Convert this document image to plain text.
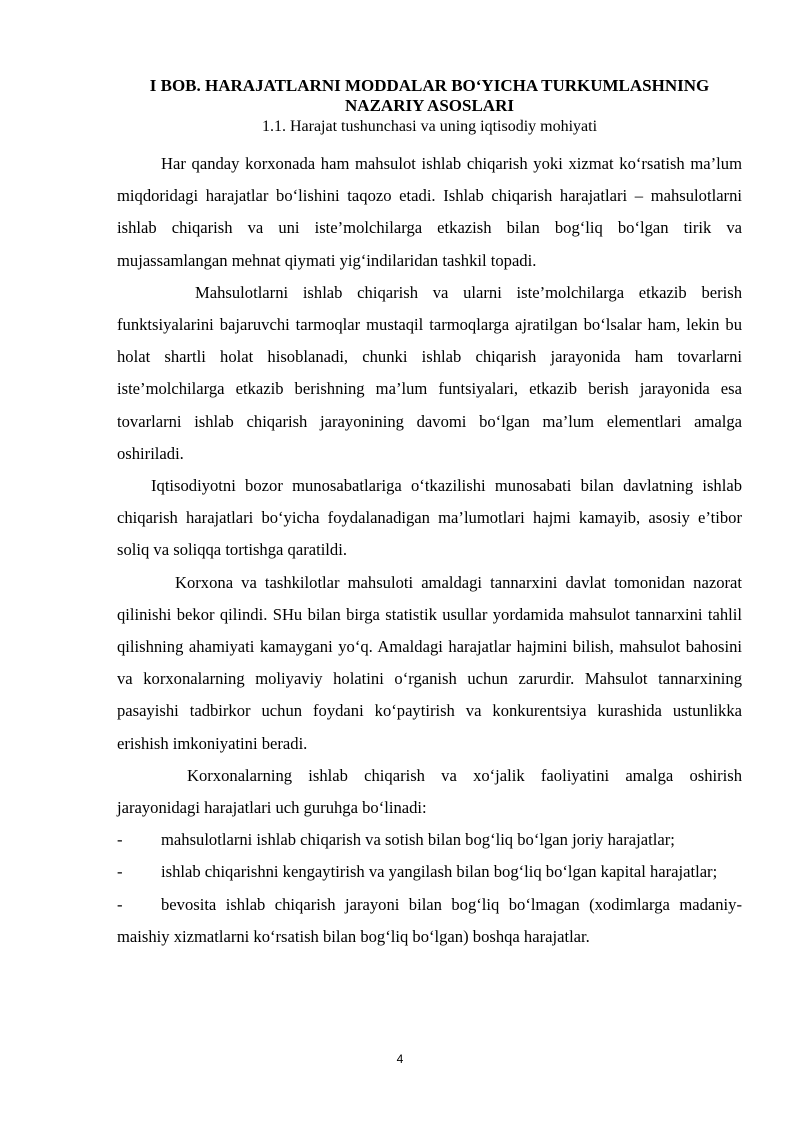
I BOB. HARAJATLARNI MODDALAR BO‘YICHA TURKUMLASHNING

NAZARIY ASOSLARI

1.1. Harajat tushunchasi va uning iqtisodiy mohiyati

Har qanday korxonada ham mahsulot ishlab chiqarish yoki xizmat ko‘rsatish ma’lum miqdoridagi harajatlar bo‘lishini taqozo etadi. Ishlab chiqarish harajatlari – mahsulotlarni ishlab chiqarish va uni iste’molchilarga etkazish bilan bog‘liq bo‘lgan tirik va mujassamlangan mehnat qiymati yig‘indilaridan tashkil topadi.

Mahsulotlarni ishlab chiqarish va ularni iste’molchilarga etkazib berish funktsiyalarini bajaruvchi tarmoqlar mustaqil tarmoqlarga ajratilgan bo‘lsalar ham, lekin bu holat shartli holat hisoblanadi, chunki ishlab chiqarish jarayonida ham tovarlarni iste’molchilarga etkazib berishning ma’lum funtsiyalari, etkazib berish jarayonida esa tovarlarni ishlab chiqarish jarayonining davomi bo‘lgan ma’lum elementlari amalga oshiriladi.

Iqtisodiyotni bozor munosabatlariga o‘tkazilishi munosabati bilan davlatning ishlab chiqarish harajatlari bo‘yicha foydalanadigan ma’lumotlari hajmi kamayib, asosiy e’tibor soliq va soliqqa tortishga qaratildi.

Korxona va tashkilotlar mahsuloti amaldagi tannarxini davlat tomonidan nazorat qilinishi bekor qilindi. SHu bilan birga statistik usullar yordamida mahsulot tannarxini tahlil qilishning ahamiyati kamaygani yo‘q. Amaldagi harajatlar hajmini bilish, mahsulot bahosini va korxonalarning moliyaviy holatini o‘rganish uchun zarurdir. Mahsulot tannarxining pasayishi tadbirkor uchun foydani ko‘paytirish va konkurentsiya kurashida ustunlikka erishish imkoniyatini beradi.

Korxonalarning ishlab chiqarish va xo‘jalik faoliyatini amalga oshirish jarayonidagi harajatlari uch guruhga bo‘linadi:

- mahsulotlarni ishlab chiqarish va sotish bilan bog‘liq bo‘lgan joriy harajatlar;

- ishlab chiqarishni kengaytirish va yangilash bilan bog‘liq bo‘lgan kapital harajatlar;

- bevosita ishlab chiqarish jarayoni bilan bog‘liq bo‘lmagan (xodimlarga madaniy-maishiy xizmatlarni ko‘rsatish bilan bog‘liq bo‘lgan) boshqa harajatlar.

4
